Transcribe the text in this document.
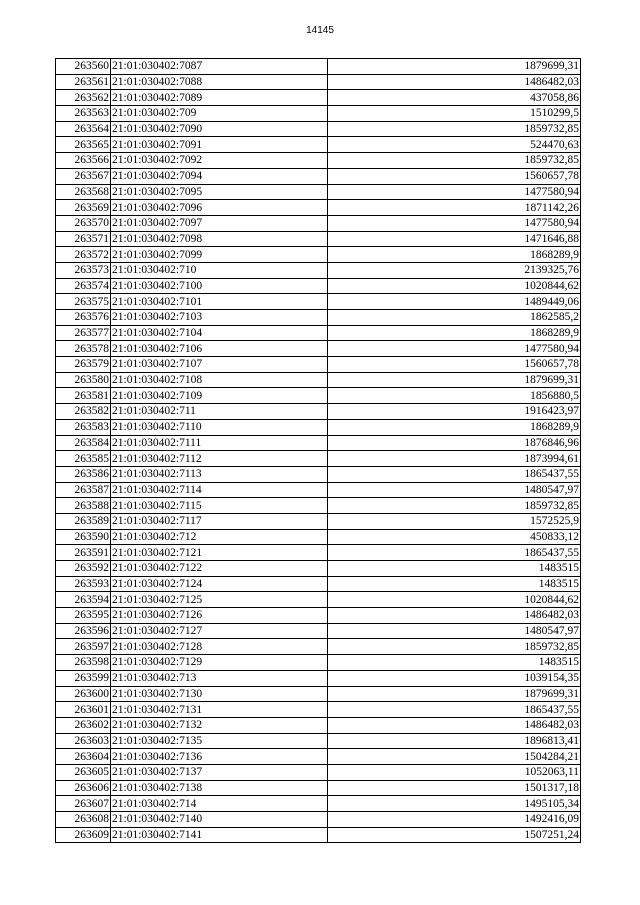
14145
263560	21:01:030402:7087	1879699,31
263561	21:01:030402:7088	1486482,03
263562	21:01:030402:7089	437058,86
263563	21:01:030402:709	1510299,5
263564	21:01:030402:7090	1859732,85
263565	21:01:030402:7091	524470,63
263566	21:01:030402:7092	1859732,85
263567	21:01:030402:7094	1560657,78
263568	21:01:030402:7095	1477580,94
263569	21:01:030402:7096	1871142,26
263570	21:01:030402:7097	1477580,94
263571	21:01:030402:7098	1471646,88
263572	21:01:030402:7099	1868289,9
263573	21:01:030402:710	2139325,76
263574	21:01:030402:7100	1020844,62
263575	21:01:030402:7101	1489449,06
263576	21:01:030402:7103	1862585,2
263577	21:01:030402:7104	1868289,9
263578	21:01:030402:7106	1477580,94
263579	21:01:030402:7107	1560657,78
263580	21:01:030402:7108	1879699,31
263581	21:01:030402:7109	1856880,5
263582	21:01:030402:711	1916423,97
263583	21:01:030402:7110	1868289,9
263584	21:01:030402:7111	1876846,96
263585	21:01:030402:7112	1873994,61
263586	21:01:030402:7113	1865437,55
263587	21:01:030402:7114	1480547,97
263588	21:01:030402:7115	1859732,85
263589	21:01:030402:7117	1572525,9
263590	21:01:030402:712	450833,12
263591	21:01:030402:7121	1865437,55
263592	21:01:030402:7122	1483515
263593	21:01:030402:7124	1483515
263594	21:01:030402:7125	1020844,62
263595	21:01:030402:7126	1486482,03
263596	21:01:030402:7127	1480547,97
263597	21:01:030402:7128	1859732,85
263598	21:01:030402:7129	1483515
263599	21:01:030402:713	1039154,35
263600	21:01:030402:7130	1879699,31
263601	21:01:030402:7131	1865437,55
263602	21:01:030402:7132	1486482,03
263603	21:01:030402:7135	1896813,41
263604	21:01:030402:7136	1504284,21
263605	21:01:030402:7137	1052063,11
263606	21:01:030402:7138	1501317,18
263607	21:01:030402:714	1495105,34
263608	21:01:030402:7140	1492416,09
263609	21:01:030402:7141	1507251,24
